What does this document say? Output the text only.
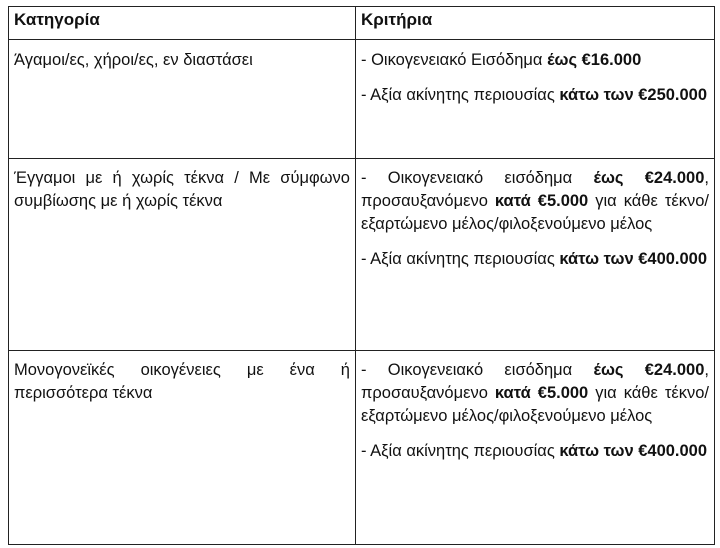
Κατηγορία	Κριτήρια
Άγαμοι/ες, χήροι/ες, εν διαστάσει	- Οικογενειακό Εισόδημα έως €16.000

- Αξία ακίνητης περιουσίας κάτω των €250.000

Έγγαμοι με ή χωρίς τέκνα / Με σύμφωνο συμβίωσης με ή χωρίς τέκνα	- Οικογενειακό εισόδημα έως €24.000, προσαυξανόμενο κατά €5.000 για κάθε τέκνο/εξαρτώμενο μέλος/φιλοξενούμενο μέλος

- Αξία ακίνητης περιουσίας κάτω των €400.000

Μονογονεϊκές οικογένειες με ένα ή περισσότερα τέκνα	- Οικογενειακό εισόδημα έως €24.000, προσαυξανόμενο κατά €5.000 για κάθε τέκνο/εξαρτώμενο μέλος/φιλοξενούμενο μέλος

- Αξία ακίνητης περιουσίας κάτω των €400.000
